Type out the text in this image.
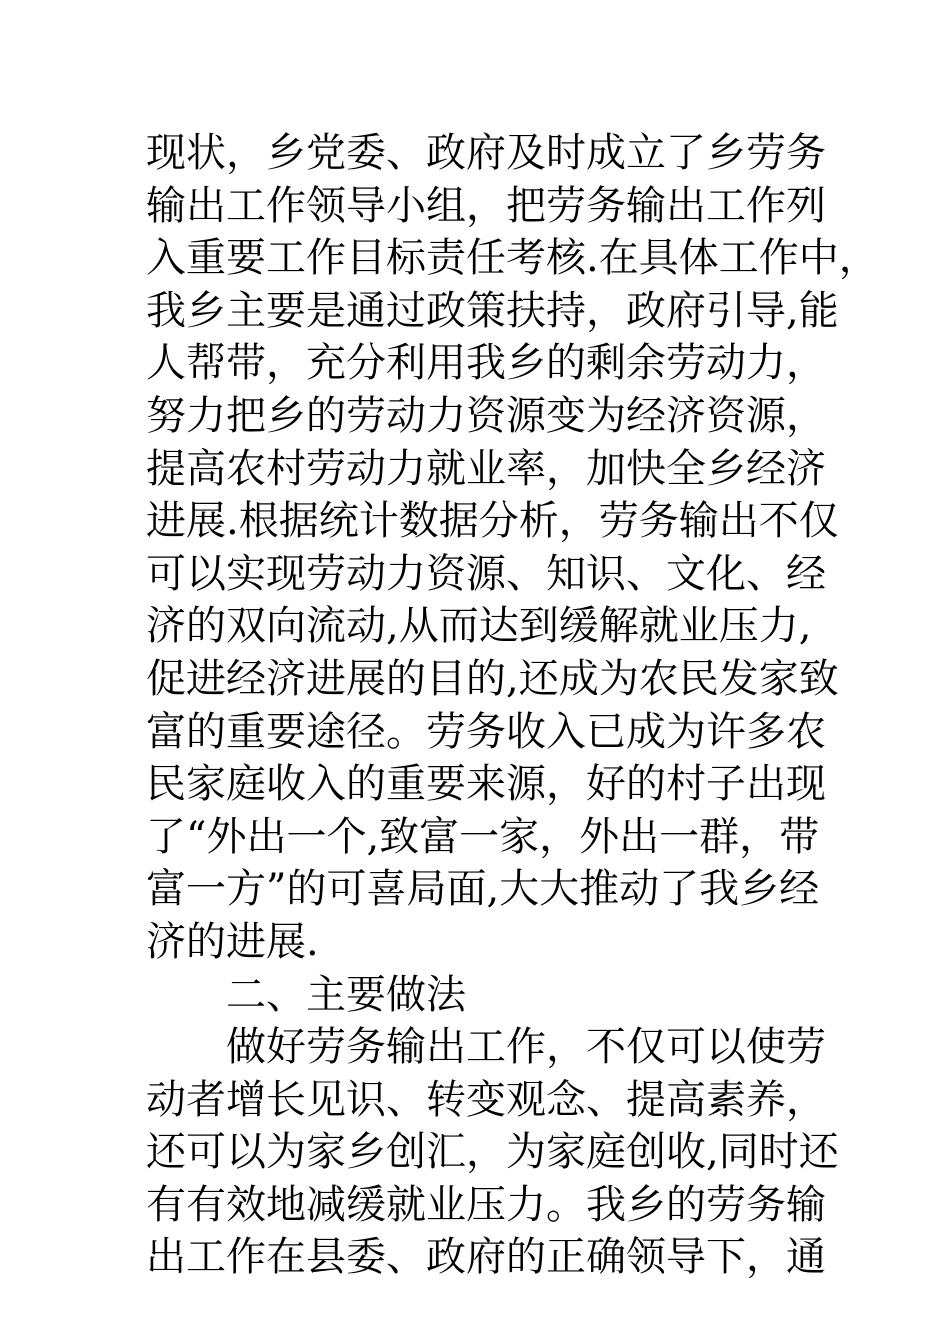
现状，乡党委、政府及时成立了乡劳务
输出工作领导小组，把劳务输出工作列
入重要工作目标责任考核.在具体工作中，
我乡主要是通过政策扶持，政府引导,能
人帮带，充分利用我乡的剩余劳动力，
努力把乡的劳动力资源变为经济资源，
提高农村劳动力就业率，加快全乡经济
进展.根据统计数据分析，劳务输出不仅
可以实现劳动力资源、知识、文化、经
济的双向流动,从而达到缓解就业压力,
促进经济进展的目的,还成为农民发家致
富的重要途径。劳务收入已成为许多农
民家庭收入的重要来源，好的村子出现
了“外出一个,致富一家，外出一群，带
富一方”的可喜局面,大大推动了我乡经
济的进展.
二、主要做法
做好劳务输出工作，不仅可以使劳
动者增长见识、转变观念、提高素养，
还可以为家乡创汇，为家庭创收,同时还
有有效地减缓就业压力。我乡的劳务输
出工作在县委、政府的正确领导下，通
